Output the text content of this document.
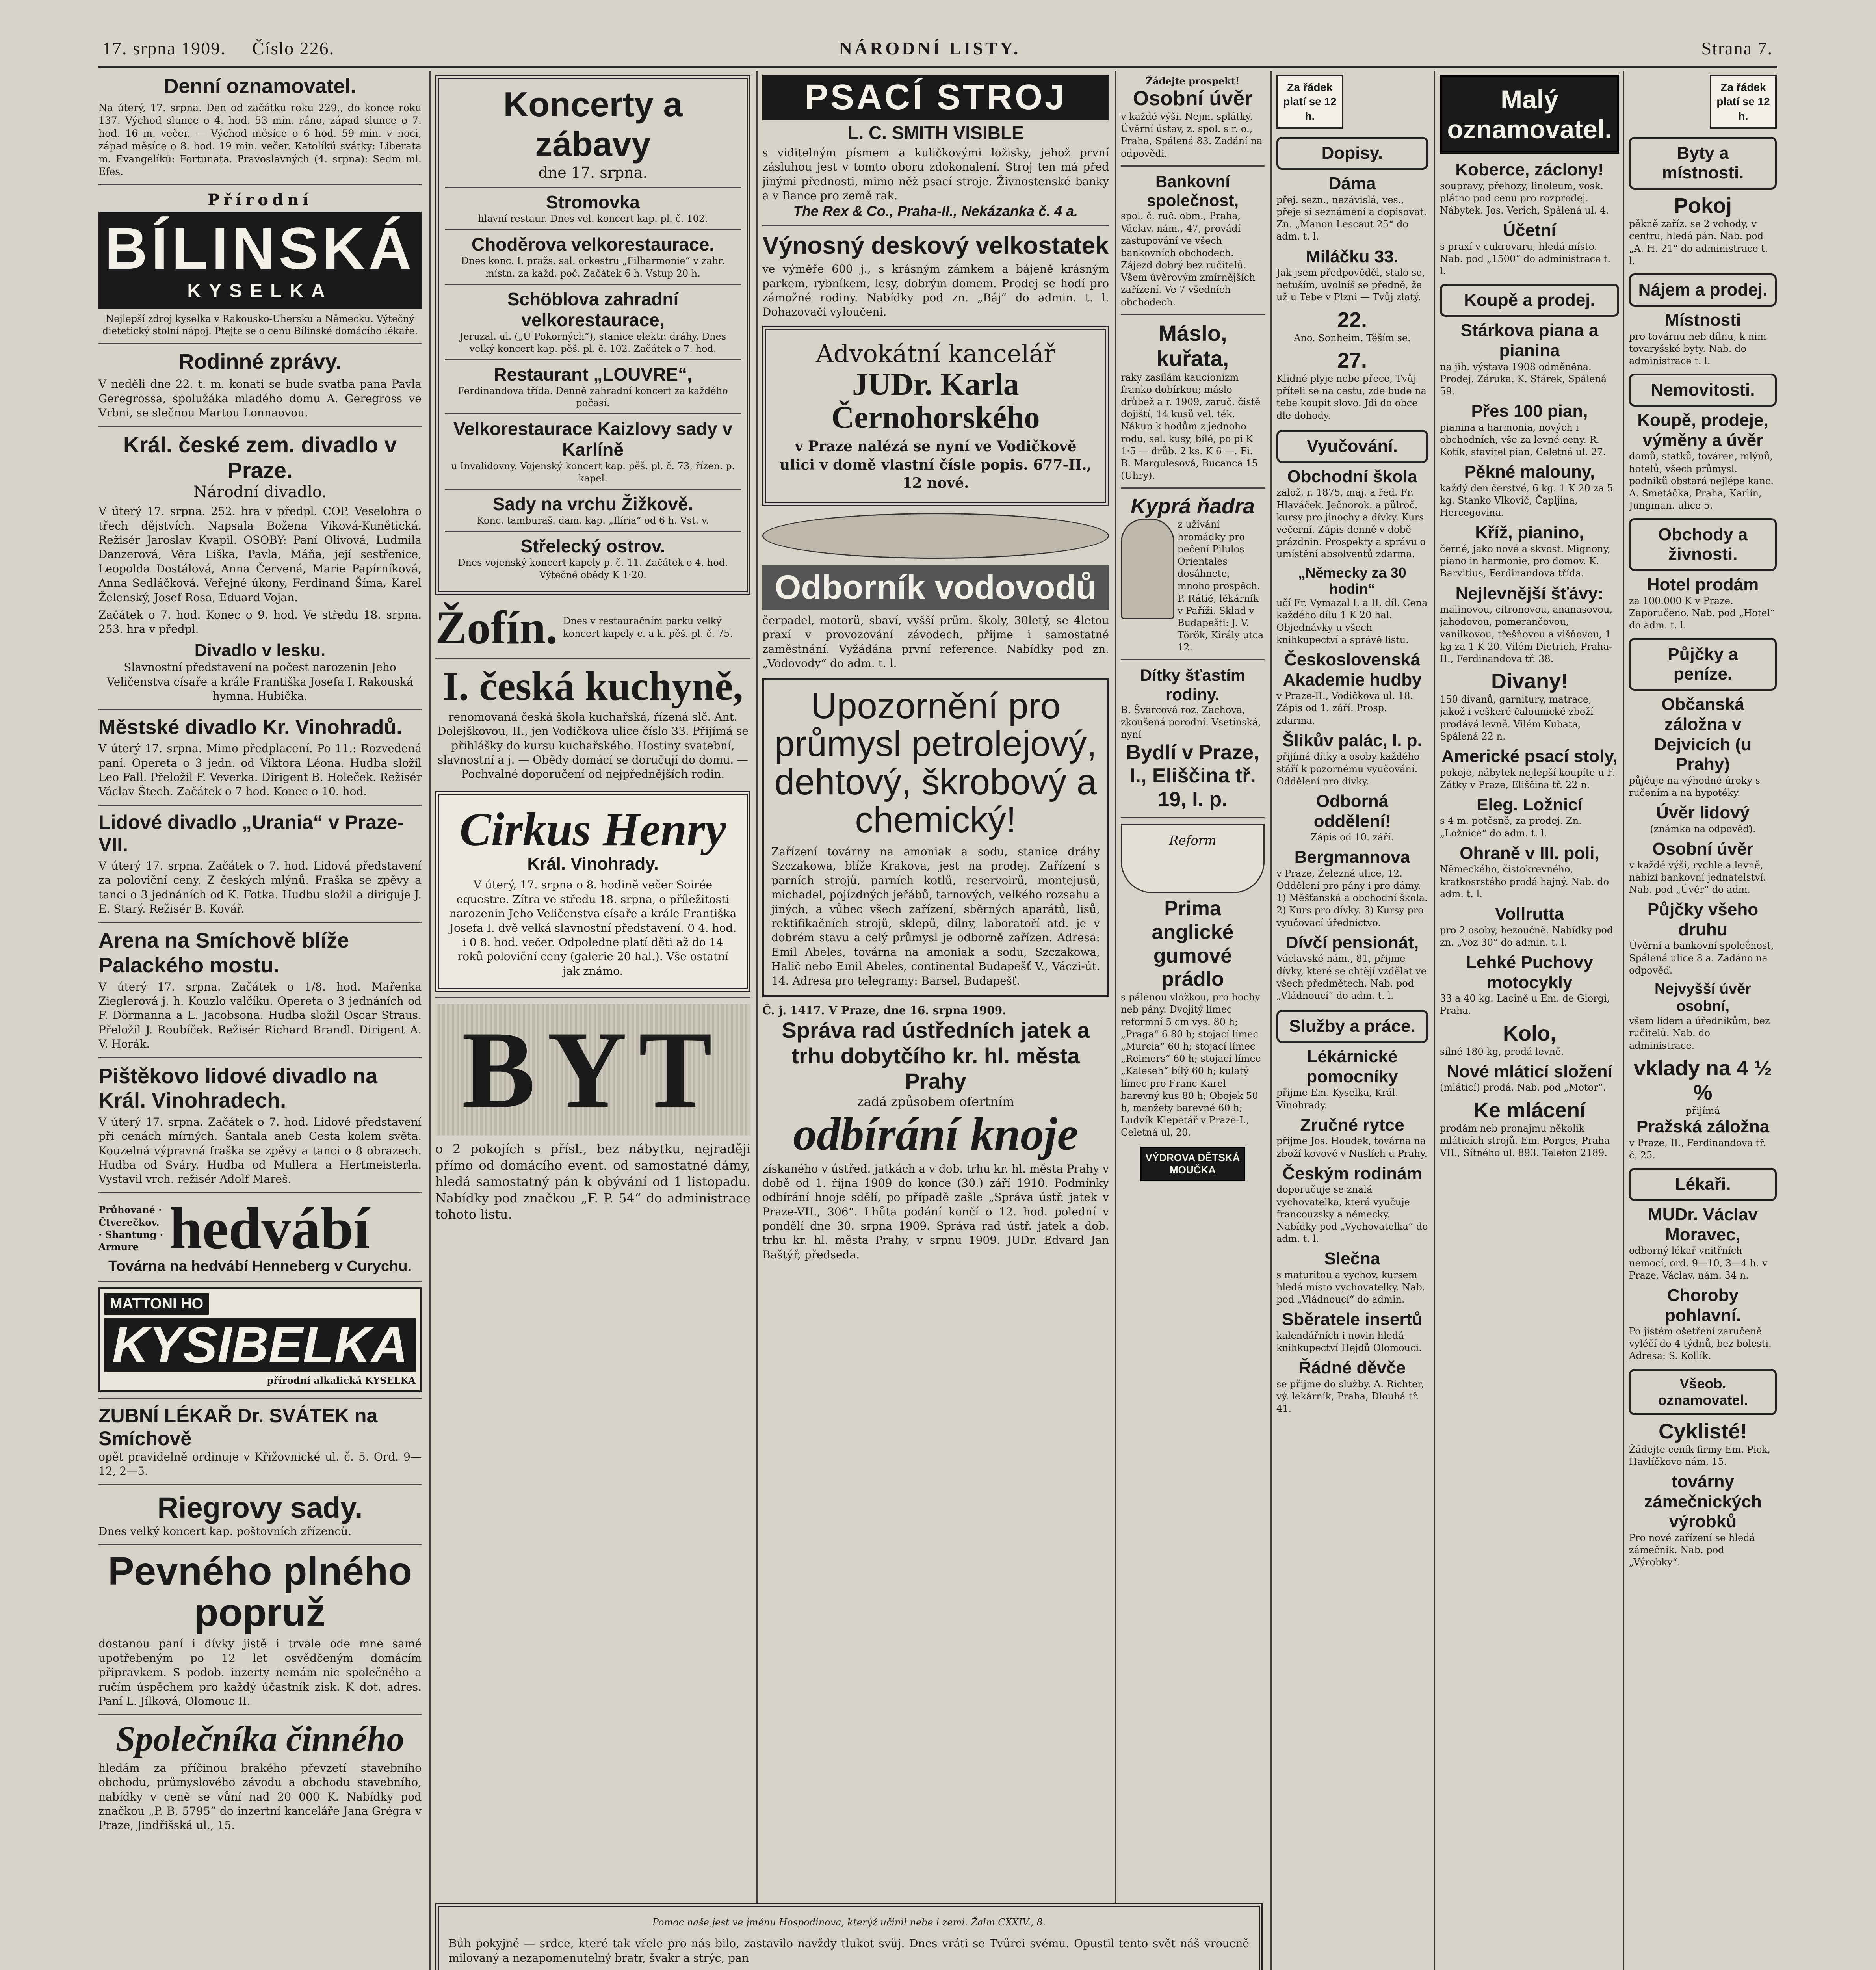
17. srpna 1909.	Číslo 226.	NÁRODNÍ LISTY.	Strana 7.
Denní oznamovatel.
Na úterý, 17. srpna. Den od začátku roku 229., do konce roku 137. Východ slunce o 4. hod. 53 min. ráno, západ slunce o 7. hod. 16 m. večer. — Východ měsíce o 6 hod. 59 min. v noci, západ měsíce o 8. hod. 19 min. večer. Katolíků svátky: Liberata m. Evangelíků: Fortunata. Pravoslavných (4. srpna): Sedm ml. Efes.
Přírodní
BÍLINSKÁ
KYSELKA
Nejlepší zdroj kyselka v Rakousko-Uhersku a Německu. Výtečný dietetický stolní nápoj. Ptejte se o cenu Bílinské domácího lékaře.
Rodinné zprávy.
V neděli dne 22. t. m. konati se bude svatba pana Pavla Geregrossa, spolužáka mladého domu A. Geregross ve Vrbni, se slečnou Martou Lonnaovou.
Král. české zem. divadlo v Praze.
Národní divadlo.
V úterý 17. srpna. 252. hra v předpl. COP. Veselohra o třech dějstvích. Napsala Božena Viková-Kunětická. Režisér Jaroslav Kvapil. OSOBY: Paní Olivová, Ludmila Danzerová, Věra Liška, Pavla, Máňa, její sestřenice, Leopolda Dostálová, Anna Červená, Marie Papírníková, Anna Sedláčková. Veřejné úkony, Ferdinand Šíma, Karel Želenský, Josef Rosa, Eduard Vojan.
Začátek o 7. hod. Konec o 9. hod. Ve středu 18. srpna. 253. hra v předpl.
Divadlo v lesku.
Slavnostní představení na počest narozenin Jeho Veličenstva císaře a krále Františka Josefa I. Rakouská hymna. Hubička.
Městské divadlo Kr. Vinohradů.
V úterý 17. srpna. Mimo předplacení. Po 11.: Rozvedená paní. Opereta o 3 jedn. od Viktora Léona. Hudba složil Leo Fall. Přeložil F. Veverka. Dirigent B. Holeček. Režisér Václav Štech. Začátek o 7 hod. Konec o 10. hod.
Lidové divadlo „Urania“ v Praze-VII.
V úterý 17. srpna. Začátek o 7. hod. Lidová představení za poloviční ceny. Z českých mlýnů. Fraška se zpěvy a tanci o 3 jednáních od K. Fotka. Hudbu složil a diriguje J. E. Starý. Režisér B. Kovář.
Arena na Smíchově blíže Palackého mostu.
V úterý 17. srpna. Začátek o 1/8. hod. Mařenka Zieglerová j. h. Kouzlo valčíku. Opereta o 3 jednáních od F. Dörmanna a L. Jacobsona. Hudba složil Oscar Straus. Přeložil J. Roubíček. Režisér Richard Brandl. Dirigent A. V. Horák.
Pištěkovo lidové divadlo na Král. Vinohradech.
V úterý 17. srpna. Začátek o 7. hod. Lidové představení při cenách mírných. Šantala aneb Cesta kolem světa. Kouzelná výpravná fraška se zpěvy a tanci o 8 obrazech. Hudba od Sváry. Hudba od Mullera a Hertmeisterla. Vystavil vrch. režisér Adolf Mareš.
Průhované · Čtverečkov. · Shantung · Armure hedvábí
Továrna na hedvábí Henneberg v Curychu.
MATTONI HO
KYSIBELKA
přírodní alkalická KYSELKA
ZUBNÍ LÉKAŘ Dr. SVÁTEK na Smíchově
opět pravidelně ordinuje v Křižovnické ul. č. 5. Ord. 9—12, 2—5.
Riegrovy sady.
Dnes velký koncert kap. poštovních zřízenců.
Pevného plného popruž
dostanou paní i dívky jistě i trvale ode mne samé upotřebeným po 12 let osvědčeným domácím připravkem. S podob. inzerty nemám nic společného a ručím úspěchem pro každý účastník zisk. K dot. adres. Paní L. Jílková, Olomouc II.
Společníka činného
hledám za příčinou brakého převzetí stavebního obchodu, průmyslového závodu a obchodu stavebního, nabídky v ceně se vůní nad 20 000 K. Nabídky pod značkou „P. B. 5795“ do inzertní kanceláře Jana Grégra v Praze, Jindřišská ul., 15.
Koncerty a zábavy
dne 17. srpna.
Stromovka
hlavní restaur. Dnes vel. koncert kap. pl. č. 102.
Choděrova velkorestaurace.
Dnes konc. I. pražs. sal. orkestru „Filharmonie“ v zahr. místn. za každ. poč. Začátek 6 h. Vstup 20 h.
Schöblova zahradní velkorestaurace,
Jeruzal. ul. („U Pokorných“), stanice elektr. dráhy. Dnes velký koncert kap. pěš. pl. č. 102. Začátek o 7. hod.
Restaurant „LOUVRE“,
Ferdinandova třída. Denně zahradní koncert za každého počasí.
Velkorestaurace Kaizlovy sady v Karlíně
u Invalidovny. Vojenský koncert kap. pěš. pl. č. 73, řízen. p. kapel.
Sady na vrchu Žižkově.
Konc. tamburaš. dam. kap. „Ilíria“ od 6 h. Vst. v.
Střelecký ostrov.
Dnes vojenský koncert kapely p. č. 11. Začátek o 4. hod. Výtečné obědy K 1·20.
Žofín. Dnes v restauračním parku velký koncert kapely c. a k. pěš. pl. č. 75.
I. česká kuchyně,
renomovaná česká škola kuchařská, řízená slč. Ant. Dolejškovou, II., jen Vodičkova ulice číslo 33. Přijímá se přihlášky do kursu kuchařského. Hostiny svatební, slavnostní a j. — Obědy domácí se doručují do domu. — Pochvalné doporučení od nejpřednějších rodin.
Cirkus Henry
Král. Vinohrady.
V úterý, 17. srpna o 8. hodině večer Soirée equestre. Zítra ve středu 18. srpna, o příležitosti narozenin Jeho Veličenstva císaře a krále Františka Josefa I. dvě velká slavnostní představení. 0 4. hod. i 0 8. hod. večer. Odpoledne platí děti až do 14 roků poloviční ceny (galerie 20 hal.). Vše ostatní jak známo.
BYT
o 2 pokojích s přísl., bez nábytku, nejraději přímo od domácího event. od samostatné dámy, hledá samostatný pán k obývání od 1 listopadu. Nabídky pod značkou „F. P. 54“ do administrace tohoto listu.
PSACÍ STROJ
L. C. SMITH VISIBLE
s viditelným písmem a kuličkovými ložisky, jehož první zásluhou jest v tomto oboru zdokonalení. Stroj ten má před jinými přednosti, mimo něž psací stroje. Živnostenské banky a v Bance pro země rak.
The Rex & Co., Praha-II., Nekázanka č. 4 a.
Výnosný deskový velkostatek
ve výměře 600 j., s krásným zámkem a bájeně krásným parkem, rybníkem, lesy, dobrým domem. Prodej se hodí pro zámožné rodiny. Nabídky pod zn. „Báj“ do admin. t. l. Dohazovači vyloučeni.
Advokátní kancelář
JUDr. Karla Černohorského
v Praze nalézá se nyní ve Vodičkově ulici v domě vlastní čísle popis. 677-II., 12 nové.
Odborník vodovodů
čerpadel, motorů, sbaví, vyšší prům. školy, 30letý, se 4letou praxí v provozování závodech, přijme i samostatné zaměstnání. Vyžádána první reference. Nabídky pod zn. „Vodovody“ do adm. t. l.
Upozornění pro průmysl petrolejový, dehtový, škrobový a chemický!
Zařízení továrny na amoniak a sodu, stanice dráhy Szczakowa, blíže Krakova, jest na prodej. Zařízení s parních strojů, parních kotlů, reservoirů, montejusů, michadel, pojízdných jeřábů, tarnových, velkého rozsahu a jiných, a vůbec všech zařízení, sběrných aparátů, lisů, rektifikačních strojů, sklepů, dílny, laboratoří atd. je v dobrém stavu a celý průmysl je odborně zařízen. Adresa: Emil Abeles, továrna na amoniak a sodu, Szczakowa, Halič nebo Emil Abeles, continental Budapešť V., Váczi-út. 14. Adresa pro telegramy: Barsel, Budapešť.
Č. j. 1417. V Praze, dne 16. srpna 1909.
Správa rad ústředních jatek a trhu dobytčího kr. hl. města Prahy
zadá způsobem ofertním
odbírání knoje
získaného v ústřed. jatkách a v dob. trhu kr. hl. města Prahy v době od 1. října 1909 do konce (30.) září 1910. Podmínky odbírání hnoje sdělí, po případě zašle „Správa ústř. jatek v Praze-VII., 306“. Lhůta podání končí o 12. hod. polední v pondělí dne 30. srpna 1909. Správa rad ústř. jatek a dob. trhu kr. hl. města Prahy, v srpnu 1909. JUDr. Edvard Jan Baštýř, předseda.
Pomoc naše jest ve jménu Hospodinova, kterýž učinil nebe i zemi. Žalm CXXIV., 8.
Bůh pokyjné — srdce, které tak vřele pro nás bilo, zastavilo navždy tlukot svůj. Dnes vráti se Tvůrci svému. Opustil tento svět náš vroucně milovaný a nezapomenutelný bratr, švakr a strýc, pan
Žádejte prospekt!
Osobní úvěr
v každé výši. Nejm. splátky. Úvěrní ústav, z. spol. s r. o., Praha, Spálená 83. Zadání na odpovědi.
Bankovní společnost,
spol. č. ruč. obm., Praha, Václav. nám., 47, provádí zastupování ve všech bankovních obchodech. Zájezd dobrý bez ručitelů. Všem úvěrovým zmírnějších zařízení. Ve 7 všedních obchodech.
Máslo, kuřata,
raky zasílám kaucionizm franko dobírkou; máslo drůbež a r. 1909, zaruč. čistě dojiští, 14 kusů vel. ték. Nákup k hodům z jednoho rodu, sel. kusy, bílé, po pi K 1·5 — drůb. 2 ks. K 6 —. Fi. B. Margulesová, Bucanca 15 (Uhry).
Kyprá ňadra
z užívání hromádky pro pečení Pilulos Orientales dosáhnete, mnoho prospěch. P. Rátié, lékárník v Paříži. Sklad v Budapešti: J. V. Török, Király utca 12.
Dítky šťastím rodiny.
B. Švarcová roz. Zachova, zkoušená porodní. Vsetínská, nyní
Bydlí v Praze, I., Eliščina tř. 19, I. p.
Reform
Prima anglické gumové prádlo
s pálenou vložkou, pro hochy neb pány. Dvojitý límec reformní 5 cm vys. 80 h; „Praga“ 6 80 h; stojací límec „Murcia“ 60 h; stojací límec „Reimers“ 60 h; stojací límec „Kaleseh“ bílý 60 h; kulatý límec pro Franc Karel barevný kus 80 h; Obojek 50 h, manžety barevné 60 h; Ludvík Klepetář v Praze-I., Celetná ul. 20.
VÝDROVA DĚTSKÁ MOUČKA
Za řádek platí se 12 h.
Dopisy.
Dáma
přej. sezn., nezávislá, ves., přeje si seznámení a dopisovat. Zn. „Manon Lescaut 25“ do adm. t. l.
Miláčku 33.
Jak jsem předpověděl, stalo se, netuším, uvolníš se předně, že už u Tebe v Plzni — Tvůj zlatý.
22.
Ano. Sonheim. Těším se.
27.
Klidné plyje nebe přece, Tvůj příteli se na cestu, zde bude na tebe koupit slovo. Jdi do obce dle dohody.
Vyučování.
Obchodní škola
založ. r. 1875, maj. a řed. Fr. Hlaváček. Ječnorok. a půlroč. kursy pro jinochy a dívky. Kurs večerní. Zápis denně v době prázdnin. Prospekty a správu o umístění absolventů zdarma.
„Německy za 30 hodin“
učí Fr. Vymazal I. a II. díl. Cena každého dílu 1 K 20 hal. Objednávky u všech knihkupectví a správě listu.
Československá Akademie hudby
v Praze-II., Vodičkova ul. 18. Zápis od 1. září. Prosp. zdarma.
Šlikův palác, I. p.
přijímá dítky a osoby každého stáří k pozornému vyučování. Oddělení pro dívky.
Odborná oddělení!
Zápis od 10. září.
Bergmannova
v Praze, Železná ulice, 12. Oddělení pro pány i pro dámy. 1) Měšťanská a obchodní škola. 2) Kurs pro dívky. 3) Kursy pro vyučovací úřednictvo.
Dívčí pensionát,
Václavské nám., 81, přijme dívky, které se chtějí vzdělat ve všech předmětech. Nab. pod „Vládnoucí“ do adm. t. l.
Služby a práce.
Lékárnické pomocníky
přijme Em. Kyselka, Král. Vinohrady.
Zručné rytce
přijme Jos. Houdek, továrna na zboží kovové v Nuslích u Prahy.
Českým rodinám
doporučuje se znalá vychovatelka, která vyučuje francouzsky a německy. Nabídky pod „Vychovatelka“ do adm. t. l.
Slečna
s maturitou a vychov. kursem hledá místo vychovatelky. Nab. pod „Vládnoucí“ do admin.
Sběratele insertů
kalendářních i novin hledá knihkupectví Hejdů Olomouci.
Řádné děvče
se přijme do služby. A. Richter, vý. lekárník, Praha, Dlouhá tř. 41.
Malý oznamovatel.
Koberce, záclony!
soupravy, přehozy, linoleum, vosk. plátno pod cenu pro rozprodej. Nábytek. Jos. Verich, Spálená ul. 4.
Účetní
s praxí v cukrovaru, hledá místo. Nab. pod „1500“ do administrace t. l.
Koupě a prodej.
Stárkova piana a pianina
na jih. výstava 1908 odměněna. Prodej. Záruka. K. Stárek, Spálená 59.
Přes 100 pian,
pianina a harmonia, nových i obchodních, vše za levné ceny. R. Kotík, stavitel pian, Celetná ul. 27.
Pěkné malouny,
každý den čerstvé, 6 kg. 1 K 20 za 5 kg. Stanko Vlkovič, Čapljina, Hercegovina.
Kříž, pianino,
černé, jako nové a skvost. Mignony, piano in harmonie, pro domov. K. Barvitius, Ferdinandova třída.
Nejlevnější šťávy:
malinovou, citronovou, ananasovou, jahodovou, pomerančovou, vanilkovou, třešňovou a višňovou, 1 kg za 1 K 20. Vilém Dietrich, Praha-II., Ferdinandova tř. 38.
Divany!
150 divanů, garnitury, matrace, jakož i veškeré čalounické zboží prodává levně. Vilém Kubata, Spálená 22 n.
Americké psací stoly,
pokoje, nábytek nejlepší koupíte u F. Zátky v Praze, Eliščina tř. 22 n.
Eleg. Ložnicí
s 4 m. potěsně, za prodej. Zn. „Ložnice“ do adm. t. l.
Ohraně v III. poli,
Německého, čistokrevného, kratkosrstého prodá hajný. Nab. do adm. t. l.
Vollrutta
pro 2 osoby, hezoučně. Nabídky pod zn. „Voz 30“ do admin. t. l.
Lehké Puchovy motocykly
33 a 40 kg. Lacině u Em. de Giorgi, Praha.
Kolo,
silné 180 kg, prodá levně.
Nové mláticí složení
(mláticí) prodá. Nab. pod „Motor“.
Ke mlácení
prodám neb pronajmu několik mláticích strojů. Em. Porges, Praha VII., Šítného ul. 893. Telefon 2189.
Za řádek platí se 12 h.
Byty a místnosti.
Pokoj
pěkně zaříz. se 2 vchody, v centru, hledá pán. Nab. pod „A. H. 21“ do administrace t. l.
Nájem a prodej.
Místnosti
pro továrnu neb dílnu, k nim tovaryšské byty. Nab. do administrace t. l.
Nemovitosti.
Koupě, prodeje, výměny a úvěr
domů, statků, továren, mlýnů, hotelů, všech průmysl. podniků obstará nejlépe kanc. A. Smetáčka, Praha, Karlín, Jungman. ulice 5.
Obchody a živnosti.
Hotel prodám
za 100.000 K v Praze. Zaporučeno. Nab. pod „Hotel“ do adm. t. l.
Půjčky a peníze.
Občanská záložna v Dejvicích (u Prahy)
půjčuje na výhodné úroky s ručením a na hypotéky.
Úvěr lidový
(známka na odpověď).
Osobní úvěr
v každé výši, rychle a levně, nabízí bankovní jednatelství. Nab. pod „Úvěr“ do adm.
Půjčky všeho druhu
Úvěrní a bankovní společnost, Spálená ulice 8 a. Zadáno na odpověď.
Nejvyšší úvěr osobní,
všem lidem a úředníkům, bez ručitelů. Nab. do administrace.
vklady na 4 ½ %
přijímá
Pražská záložna
v Praze, II., Ferdinandova tř. č. 25.
Lékaři.
MUDr. Václav Moravec,
odborný lékař vnitřních nemocí, ord. 9—10, 3—4 h. v Praze, Václav. nám. 34 n.
Choroby pohlavní.
Po jistém ošetření zaručeně vyléčí do 4 týdnů, bez bolesti. Adresa: S. Kollík.
Všeob. oznamovatel.
Cyklisté!
Žádejte ceník firmy Em. Pick, Havlíčkovo nám. 15.
továrny zámečnických výrobků
Pro nové zařízení se hledá zámečník. Nab. pod „Výrobky“.
